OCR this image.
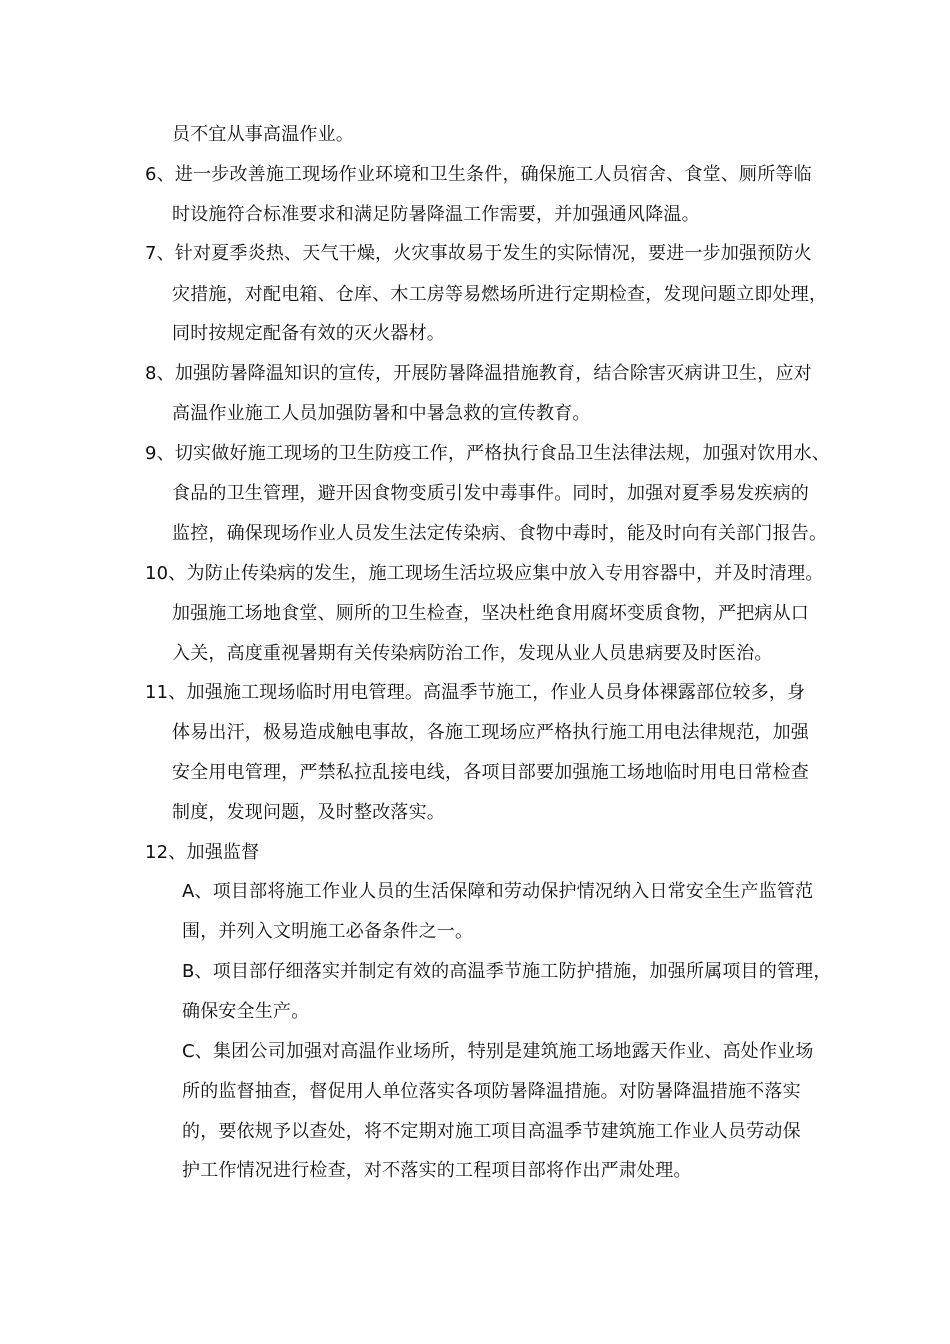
员不宜从事高温作业。
6、进一步改善施工现场作业环境和卫生条件，确保施工人员宿舍、食堂、厕所等临
时设施符合标准要求和满足防暑降温工作需要，并加强通风降温。
7、针对夏季炎热、天气干燥，火灾事故易于发生的实际情况，要进一步加强预防火
灾措施，对配电箱、仓库、木工房等易燃场所进行定期检查，发现问题立即处理，
同时按规定配备有效的灭火器材。
8、加强防暑降温知识的宣传，开展防暑降温措施教育，结合除害灭病讲卫生，应对
高温作业施工人员加强防暑和中暑急救的宣传教育。
9、切实做好施工现场的卫生防疫工作，严格执行食品卫生法律法规，加强对饮用水、
食品的卫生管理，避开因食物变质引发中毒事件。同时，加强对夏季易发疾病的
监控，确保现场作业人员发生法定传染病、食物中毒时，能及时向有关部门报告。
10、为防止传染病的发生，施工现场生活垃圾应集中放入专用容器中，并及时清理。
加强施工场地食堂、厕所的卫生检查，坚决杜绝食用腐坏变质食物，严把病从口
入关，高度重视暑期有关传染病防治工作，发现从业人员患病要及时医治。
11、加强施工现场临时用电管理。高温季节施工，作业人员身体裸露部位较多，身
体易出汗，极易造成触电事故，各施工现场应严格执行施工用电法律规范，加强
安全用电管理，严禁私拉乱接电线，各项目部要加强施工场地临时用电日常检查
制度，发现问题，及时整改落实。
12、加强监督
A、项目部将施工作业人员的生活保障和劳动保护情况纳入日常安全生产监管范
围，并列入文明施工必备条件之一。
B、项目部仔细落实并制定有效的高温季节施工防护措施，加强所属项目的管理，
确保安全生产。
C、集团公司加强对高温作业场所，特别是建筑施工场地露天作业、高处作业场
所的监督抽查，督促用人单位落实各项防暑降温措施。对防暑降温措施不落实
的，要依规予以查处，将不定期对施工项目高温季节建筑施工作业人员劳动保
护工作情况进行检查，对不落实的工程项目部将作出严肃处理。
